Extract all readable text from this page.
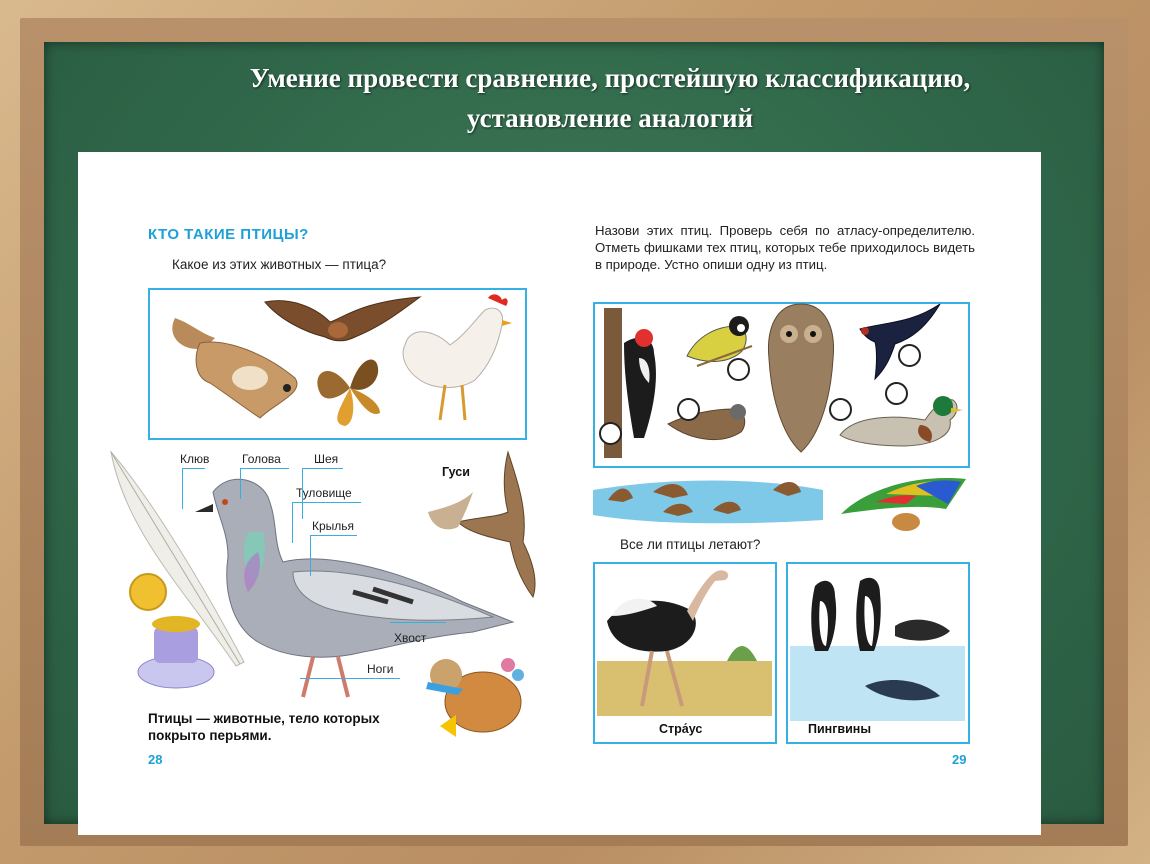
Умение провести сравнение, простейшую классификацию,
установление аналогий
КТО ТАКИЕ ПТИЦЫ?
Какое из этих животных — птица?
Клюв	Голова	Шея
Туловище
Крылья
Хвост
Ноги
Гуси
Птицы — животные, тело которых
покрыто перьями.
28
Назови этих птиц. Проверь себя по атласу-определителю. Отметь фишками тех птиц, которых тебе приходилось видеть в природе. Устно опиши одну из птиц.
Все ли птицы летают?
Стра́ус	Пингвины
29
